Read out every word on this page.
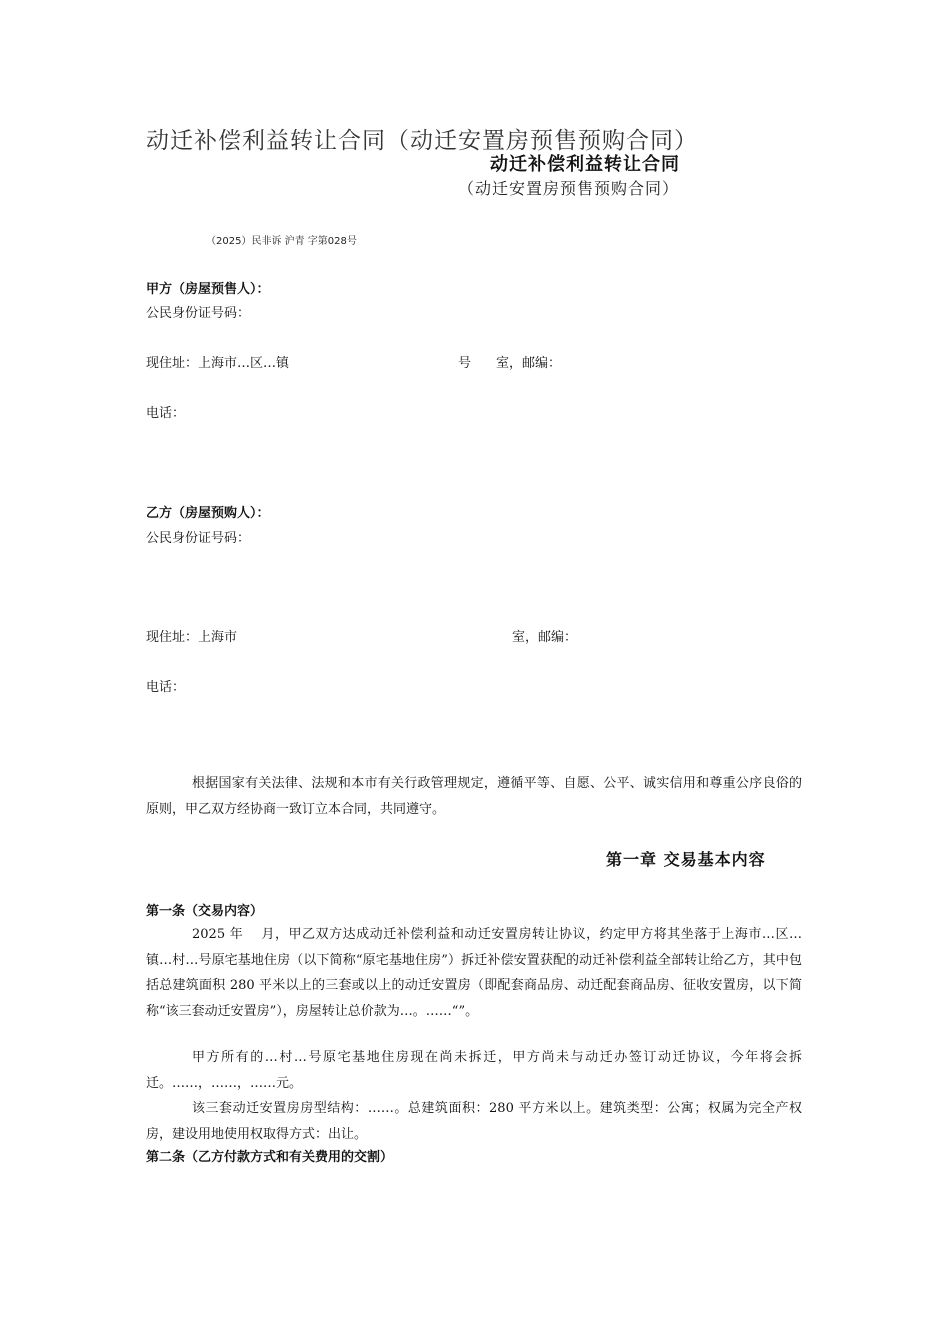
动迁补偿利益转让合同（动迁安置房预售预购合同）
动迁补偿利益转让合同
（动迁安置房预售预购合同）
（2025）民非诉 沪青 字第028号
甲方（房屋预售人）：
公民身份证号码：
现住址：上海市…区…镇	号 室，邮编：
电话：
乙方（房屋预购人）：
公民身份证号码：
现住址：上海市	室，邮编：
电话：
根据国家有关法律、法规和本市有关行政管理规定，遵循平等、自愿、公平、诚实信用和尊重公序良俗的原则，甲乙双方经协商一致订立本合同，共同遵守。
第一章 交易基本内容
第一条（交易内容）
2025 年　 月，甲乙双方达成动迁补偿利益和动迁安置房转让协议，约定甲方将其坐落于上海市…区…镇…村…号原宅基地住房（以下简称“原宅基地住房”）拆迁补偿安置获配的动迁补偿利益全部转让给乙方，其中包括总建筑面积 280 平米以上的三套或以上的动迁安置房（即配套商品房、动迁配套商品房、征收安置房，以下简称“该三套动迁安置房”），房屋转让总价款为…。……“”。
甲方所有的…村…号原宅基地住房现在尚未拆迁，甲方尚未与动迁办签订动迁协议，今年将会拆迁。……，……，……元。
该三套动迁安置房房型结构：……。总建筑面积：280 平方米以上。建筑类型：公寓；权属为完全产权房，建设用地使用权取得方式：出让。
第二条（乙方付款方式和有关费用的交割）
